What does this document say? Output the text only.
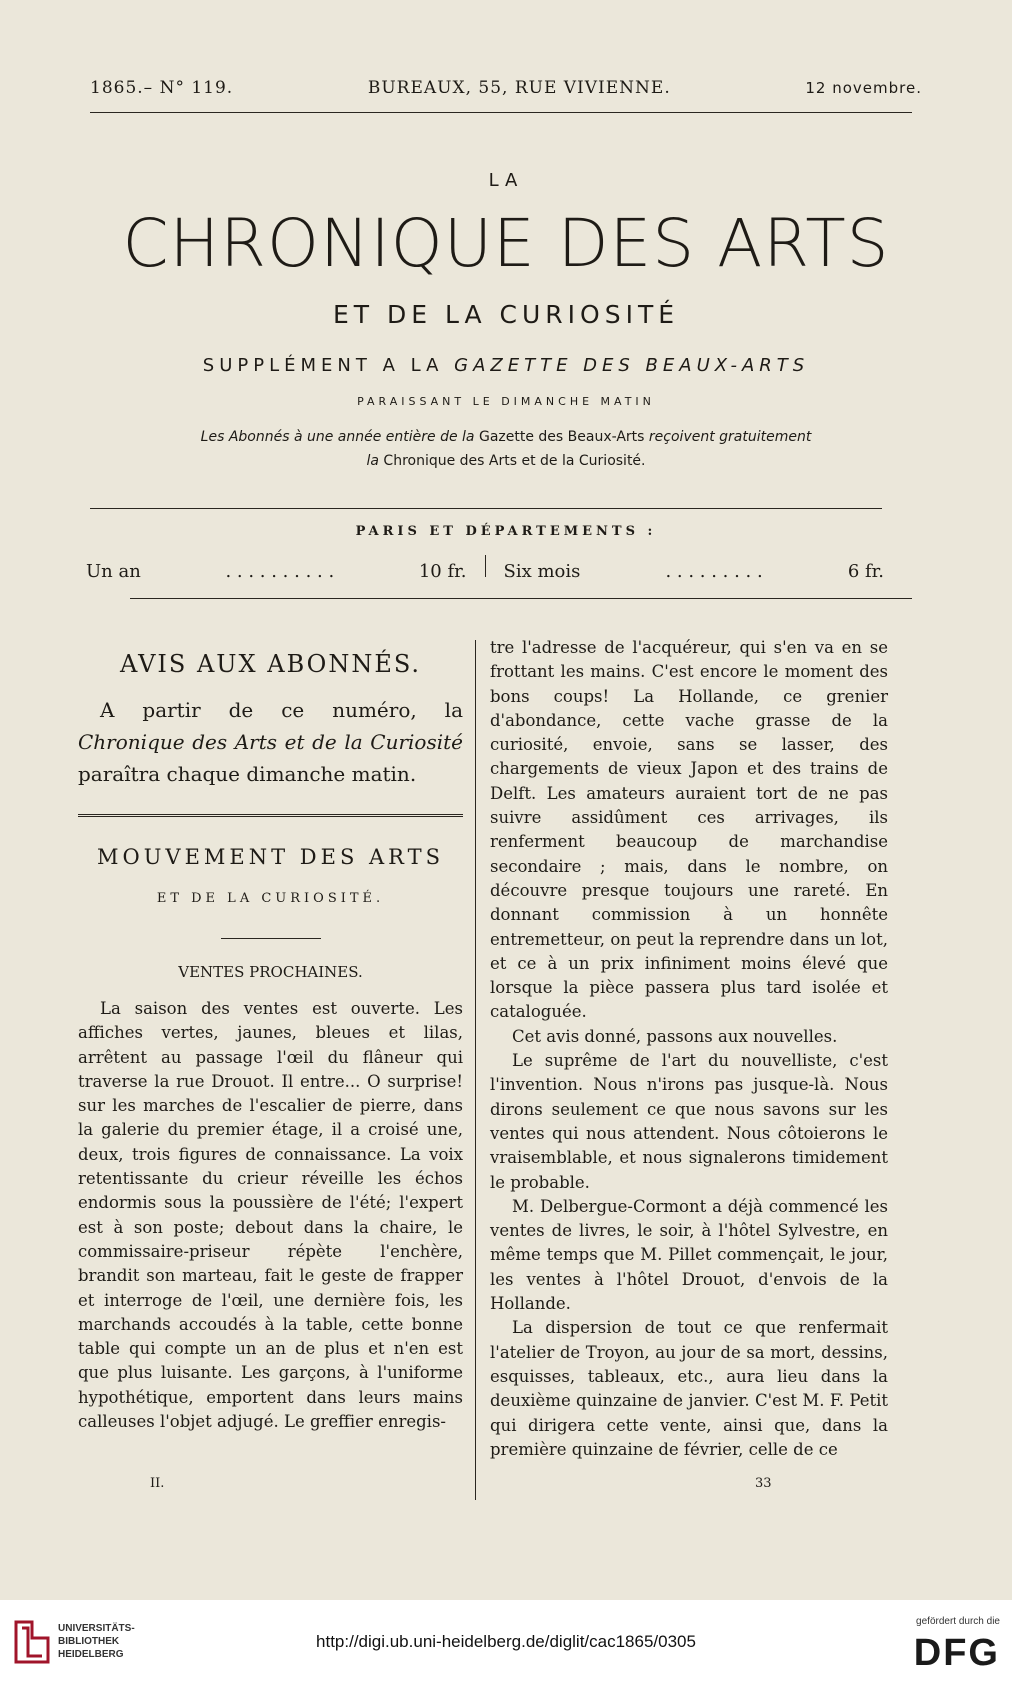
1865.– N° 119.	BUREAUX, 55, RUE VIVIENNE.	12 novembre.
LA
CHRONIQUE DES ARTS
ET DE LA CURIOSITÉ
SUPPLÉMENT A LA GAZETTE DES BEAUX-ARTS
PARAISSANT LE DIMANCHE MATIN
Les Abonnés à une année entière de la Gazette des Beaux-Arts reçoivent gratuitement
la Chronique des Arts et de la Curiosité.
PARIS ET DÉPARTEMENTS :
Un an	. . . . . . . . . .	10 fr. Six mois	. . . . . . . . .	6 fr.
AVIS AUX ABONNÉS.

A partir de ce numéro, la Chronique des Arts et de la Curiosité paraîtra chaque dimanche matin.

MOUVEMENT DES ARTS
ET DE LA CURIOSITÉ.
VENTES PROCHAINES.

La saison des ventes est ouverte. Les affiches vertes, jaunes, bleues et lilas, arrêtent au passage l'œil du flâneur qui traverse la rue Drouot. Il entre... O surprise! sur les marches de l'escalier de pierre, dans la galerie du premier étage, il a croisé une, deux, trois figures de connaissance. La voix retentissante du crieur réveille les échos endormis sous la poussière de l'été; l'expert est à son poste; debout dans la chaire, le commissaire-priseur répète l'enchère, brandit son marteau, fait le geste de frapper et interroge de l'œil, une dernière fois, les marchands accoudés à la table, cette bonne table qui compte un an de plus et n'en est que plus luisante. Les garçons, à l'uniforme hypothétique, emportent dans leurs mains calleuses l'objet adjugé. Le greffier enregis-

tre l'adresse de l'acquéreur, qui s'en va en se frottant les mains. C'est encore le moment des bons coups! La Hollande, ce grenier d'abondance, cette vache grasse de la curiosité, envoie, sans se lasser, des chargements de vieux Japon et des trains de Delft. Les amateurs auraient tort de ne pas suivre assidûment ces arrivages, ils renferment beaucoup de marchandise secondaire ; mais, dans le nombre, on découvre presque toujours une rareté. En donnant commission à un honnête entremetteur, on peut la reprendre dans un lot, et ce à un prix infiniment moins élevé que lorsque la pièce passera plus tard isolée et cataloguée.

Cet avis donné, passons aux nouvelles.

Le suprême de l'art du nouvelliste, c'est l'invention. Nous n'irons pas jusque-là. Nous dirons seulement ce que nous savons sur les ventes qui nous attendent. Nous côtoierons le vraisemblable, et nous signalerons timidement le probable.

M. Delbergue-Cormont a déjà commencé les ventes de livres, le soir, à l'hôtel Sylvestre, en même temps que M. Pillet commençait, le jour, les ventes à l'hôtel Drouot, d'envois de la Hollande.

La dispersion de tout ce que renfermait l'atelier de Troyon, au jour de sa mort, dessins, esquisses, tableaux, etc., aura lieu dans la deuxième quinzaine de janvier. C'est M. F. Petit qui dirigera cette vente, ainsi que, dans la première quinzaine de février, celle de ce

II.	33
UNIVERSITÄTS-
BIBLIOTHEK
HEIDELBERG
http://digi.ub.uni-heidelberg.de/diglit/cac1865/0305
gefördert durch die
DFG
